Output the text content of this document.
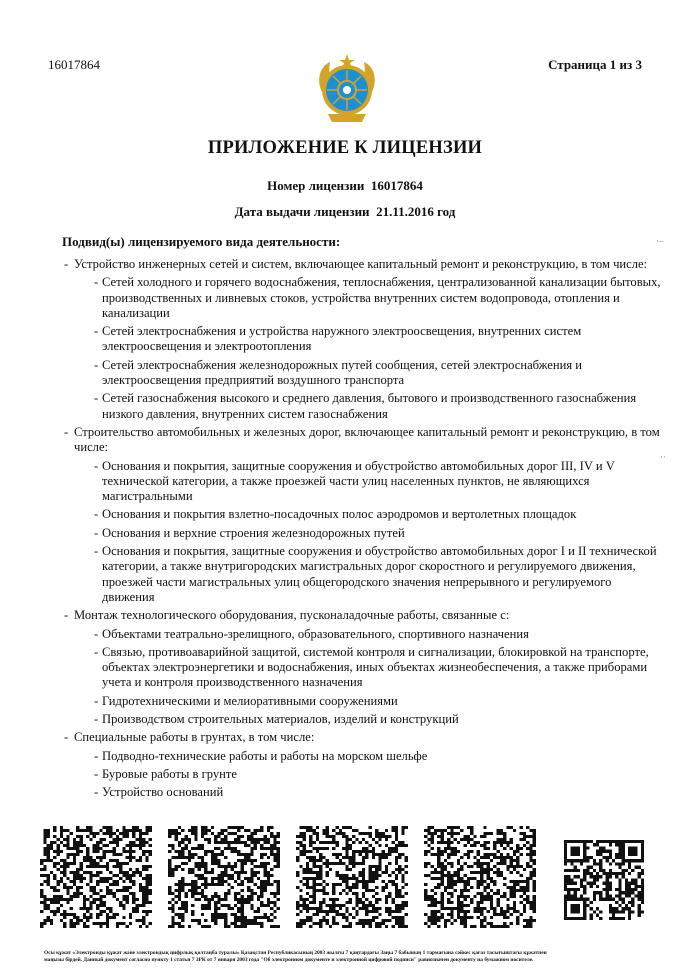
16017864	Страница 1 из 3
ПРИЛОЖЕНИЕ К ЛИЦЕНЗИИ
Номер лицензии 16017864
Дата выдачи лицензии 21.11.2016 год
Подвид(ы) лицензируемого вида деятельности:
- Устройство инженерных сетей и систем, включающее капитальный ремонт и реконструкцию, в том числе:
- Сетей холодного и горячего водоснабжения, теплоснабжения, централизованной канализации бытовых, производственных и ливневых стоков, устройства внутренних систем водопровода, отопления и канализации
- Сетей электроснабжения и устройства наружного электроосвещения, внутренних систем электроосвещения и электроотопления
- Сетей электроснабжения железнодорожных путей сообщения, сетей электроснабжения и электроосвещения предприятий воздушного транспорта
- Сетей газоснабжения высокого и среднего давления, бытового и производственного газоснабжения низкого давления, внутренних систем газоснабжения
- Строительство автомобильных и железных дорог, включающее капитальный ремонт и реконструкцию, в том числе:
- Основания и покрытия, защитные сооружения и обустройство автомобильных дорог III, IV и V технической категории, а также проезжей части улиц населенных пунктов, не являющихся магистральными
- Основания и покрытия взлетно-посадочных полос аэродромов и вертолетных площадок
- Основания и верхние строения железнодорожных путей
- Основания и покрытия, защитные сооружения и обустройство автомобильных дорог I и II технической категории, а также внутригородских магистральных дорог скоростного и регулируемого движения, проезжей части магистральных улиц общегородского значения непрерывного и регулируемого движения
- Монтаж технологического оборудования, пусконаладочные работы, связанные с:
- Объектами театрально-зрелищного, образовательного, спортивного назначения
- Связью, противоаварийной защитой, системой контроля и сигнализации, блокировкой на транспорте, объектах электроэнергетики и водоснабжения, иных объектах жизнеобеспечения, а также приборами учета и контроля производственного назначения
- Гидротехническими и мелиоративными сооружениями
- Производством строительных материалов, изделий и конструкций
- Специальные работы в грунтах, в том числе:
- Подводно-технические работы и работы на морском шельфе
- Буровые работы в грунте
- Устройство оснований
·–
··
Осы құжат «Электронды құжат және электрондық цифрлық қолтаңба туралы» Қазақстан Республикасының 2003 жылғы 7 қаңтардағы Заңы 7 бабының 1 тармағына сәйкес қағаз тасығыштағы құжатпен
маңызы бірдей. Данный документ согласно пункту 1 статьи 7 ЗРК от 7 января 2003 года "Об электронном документе и электронной цифровой подписи" равнозначен документу на бумажном носителе.
